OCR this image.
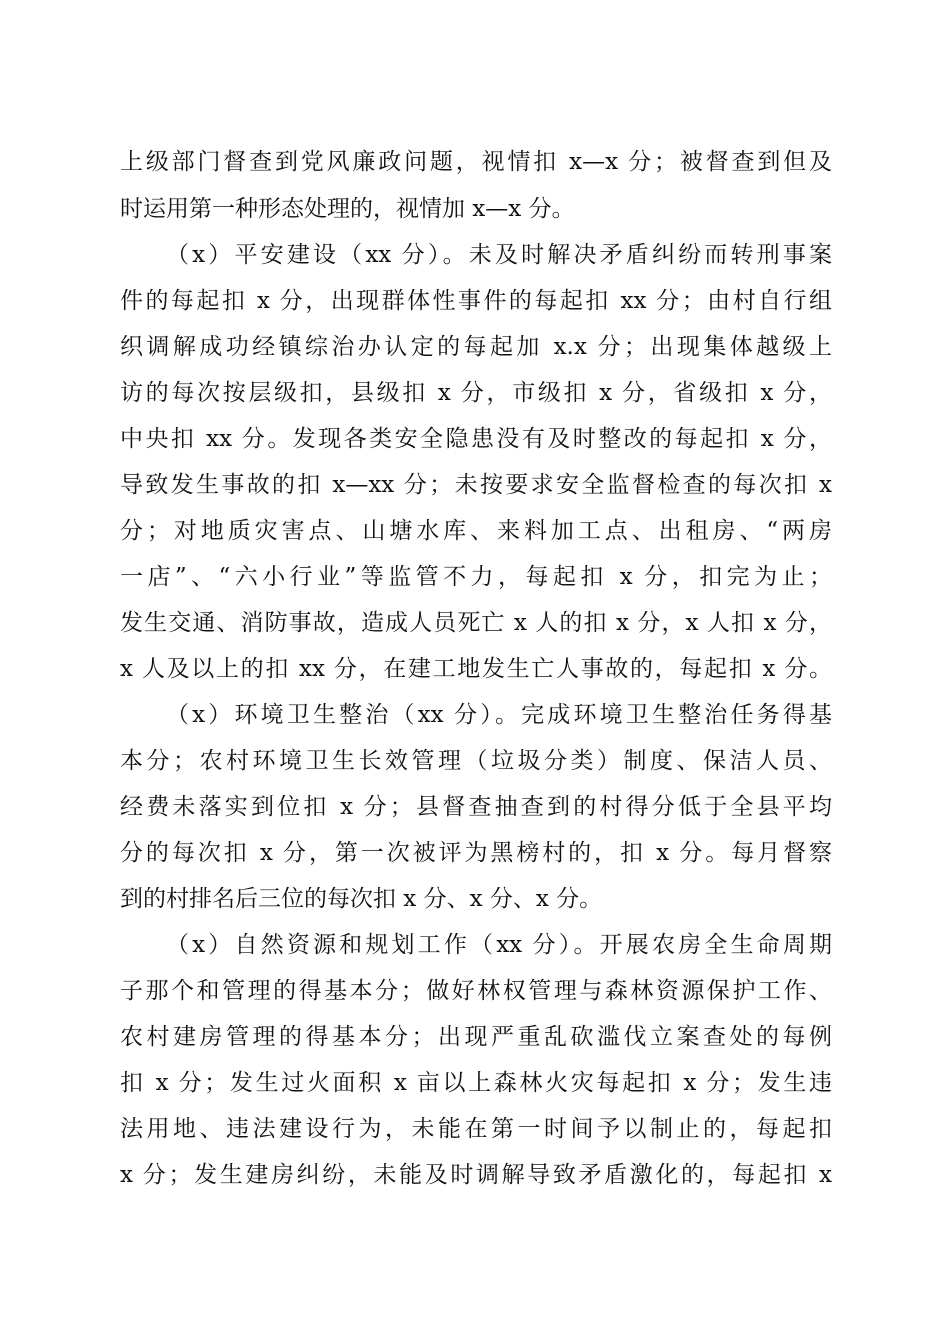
上级部门督查到党风廉政问题，视情扣 x—x 分；被督查到但及
时运用第一种形态处理的，视情加 x—x 分。
（x）平安建设（xx 分）。未及时解决矛盾纠纷而转刑事案
件的每起扣 x 分，出现群体性事件的每起扣 xx 分；由村自行组
织调解成功经镇综治办认定的每起加 x.x 分；出现集体越级上
访的每次按层级扣，县级扣 x 分，市级扣 x 分，省级扣 x 分，
中央扣 xx 分。发现各类安全隐患没有及时整改的每起扣 x 分，
导致发生事故的扣 x—xx 分；未按要求安全监督检查的每次扣 x
分；对地质灾害点、山塘水库、来料加工点、出租房、“两房
一店”、“六小行业”等监管不力，每起扣 x 分，扣完为止；
发生交通、消防事故，造成人员死亡 x 人的扣 x 分，x 人扣 x 分，
x 人及以上的扣 xx 分，在建工地发生亡人事故的，每起扣 x 分。
（x）环境卫生整治（xx 分）。完成环境卫生整治任务得基
本分；农村环境卫生长效管理（垃圾分类）制度、保洁人员、
经费未落实到位扣 x 分；县督查抽查到的村得分低于全县平均
分的每次扣 x 分，第一次被评为黑榜村的，扣 x 分。每月督察
到的村排名后三位的每次扣 x 分、x 分、x 分。
（x）自然资源和规划工作（xx 分）。开展农房全生命周期
子那个和管理的得基本分；做好林权管理与森林资源保护工作、
农村建房管理的得基本分；出现严重乱砍滥伐立案查处的每例
扣 x 分；发生过火面积 x 亩以上森林火灾每起扣 x 分；发生违
法用地、违法建设行为，未能在第一时间予以制止的，每起扣
x 分；发生建房纠纷，未能及时调解导致矛盾激化的，每起扣 x
